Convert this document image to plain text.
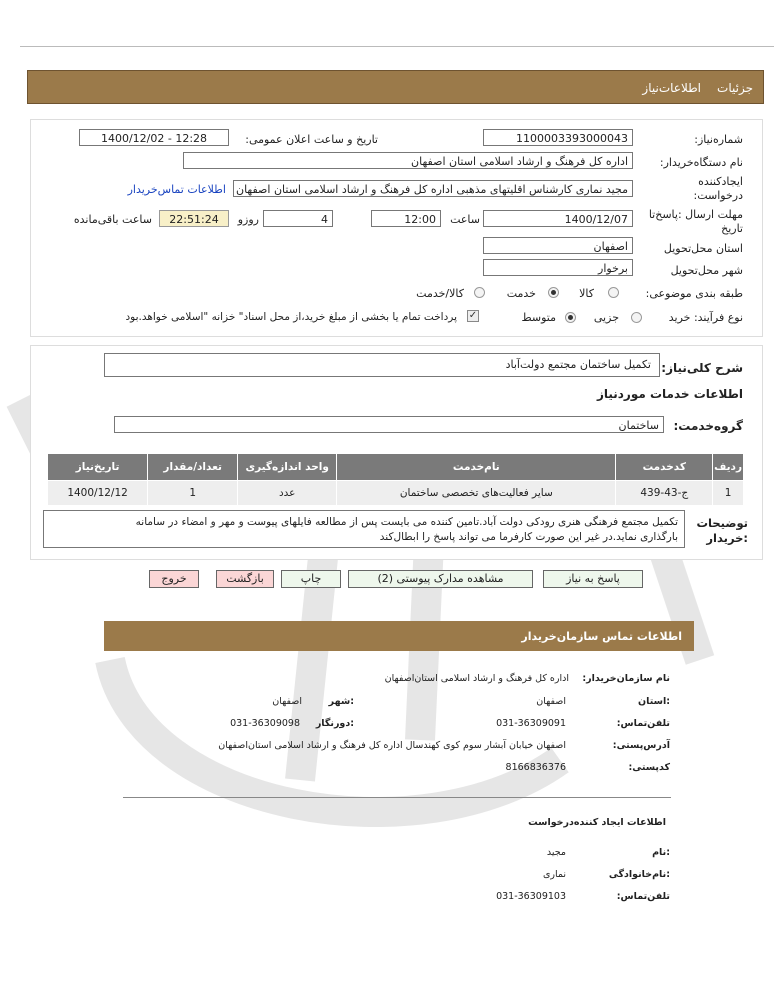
جزئیات
اطلاعات‌نیاز
شماره‌نیاز:
1100003393000043
تاریخ و ساعت اعلان عمومی:
1400/12/02 - 12:28
نام دستگاه‌خریدار:
اداره کل فرهنگ و ارشاد اسلامی استان اصفهان
ایجادکننده
درخواست:
مجید نماری کارشناس اقلیتهای مذهبی اداره کل فرهنگ و ارشاد اسلامی استان اصفهان
اطلاعات تماس‌خریدار
مهلت ارسال :پاسخ‌تا
تاریخ
1400/12/07
ساعت
12:00
4
روزو
22:51:24
ساعت باقی‌مانده
استان محل‌تحویل
اصفهان
شهر محل‌تحویل
برخوار
طبقه بندی موضوعی:
کالا
خدمت
کالا/خدمت
نوع فرآیند: خرید
جزیی
متوسط
✓
پرداخت تمام یا بخشی از مبلغ خرید،از محل اسناد" خزانه "اسلامی خواهد.بود
شرح کلی‌نیاز:
تکمیل ساختمان مجتمع دولت‌آباد
اطلاعات خدمات موردنیاز
گروه‌خدمت:
ساختمان
ردیف	کدخدمت	نام‌خدمت	واحد اندازه‌گیری	تعداد/مقدار	تاریخ‌نیاز
1	ج-43-439	سایر فعالیت‌های تخصصی ساختمان	عدد	1	1400/12/12
توضیحات
:خریدار
تکمیل مجتمع فرهنگی هنری رودکی دولت آباد.تامین کننده می بایست پس از مطالعه فایلهای پیوست و مهر و امضاء در سامانه
بارگذاری نماید.در غیر این صورت کارفرما می تواند پاسخ را ابطال‌کند
پاسخ به نیاز
مشاهده مدارک پیوستی (2)
چاپ
بازگشت
خروج
اطلاعات تماس سازمان‌خریدار
نام سازمان‌خریدار:
اداره کل فرهنگ و ارشاد اسلامی استان‌اصفهان
:استان
اصفهان
:شهر
اصفهان
تلفن‌تماس:
031-36309091
:دورنگار
031-36309098
آدرس‌پستی:
اصفهان خیابان آبشار سوم کوی کهندسال اداره کل فرهنگ و ارشاد اسلامی استان‌اصفهان
کد‌پستی:
8166836376
اطلاعات ایجاد کننده‌درخواست
:نام
مجید
:نام‌خانوادگی
نماری
تلفن‌تماس:
031-36309103
